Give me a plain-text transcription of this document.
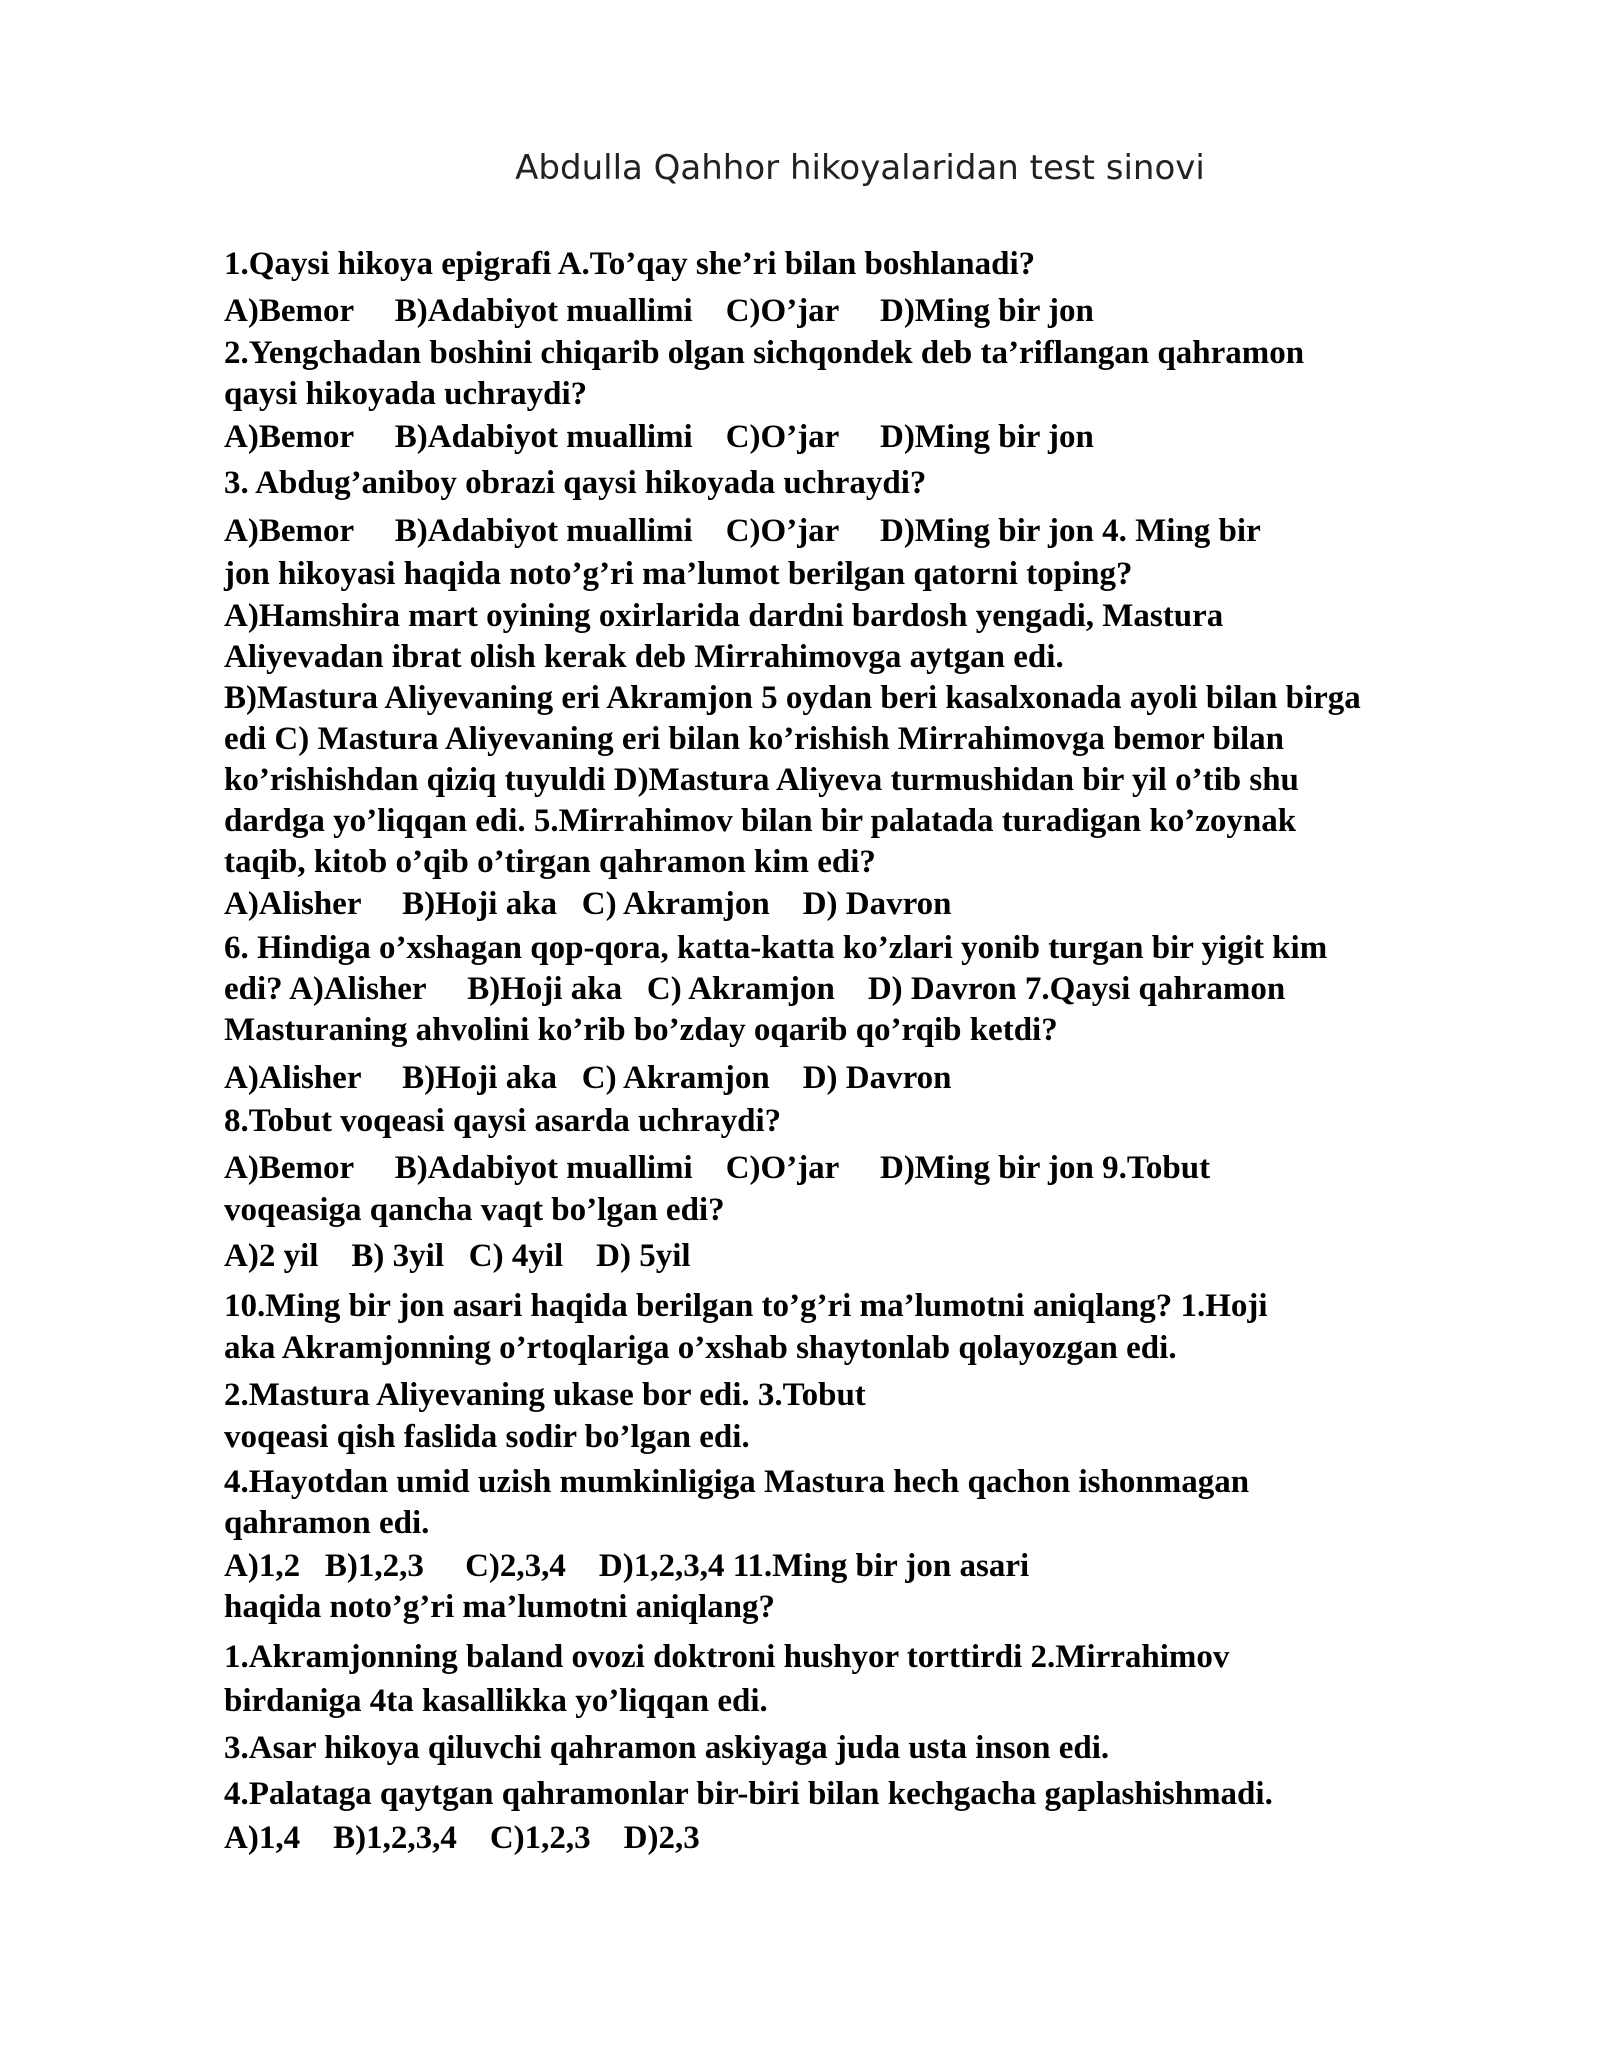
Abdulla Qahhor hikoyalaridan test sinovi
1.Qaysi hikoya epigrafi A.To’qay she’ri bilan boshlanadi?
A)Bemor     B)Adabiyot muallimi    C)O’jar     D)Ming bir jon
2.Yengchadan boshini chiqarib olgan sichqondek deb ta’riflangan qahramon
qaysi hikoyada uchraydi?
A)Bemor     B)Adabiyot muallimi    C)O’jar     D)Ming bir jon
3. Abdug’aniboy obrazi qaysi hikoyada uchraydi?
A)Bemor     B)Adabiyot muallimi    C)O’jar     D)Ming bir jon 4. Ming bir
jon hikoyasi haqida noto’g’ri ma’lumot berilgan qatorni toping?
A)Hamshira mart oyining oxirlarida dardni bardosh yengadi, Mastura
Aliyevadan ibrat olish kerak deb Mirrahimovga aytgan edi.
B)Mastura Aliyevaning eri Akramjon 5 oydan beri kasalxonada ayoli bilan birga
edi C) Mastura Aliyevaning eri bilan ko’rishish Mirrahimovga bemor bilan
ko’rishishdan qiziq tuyuldi D)Mastura Aliyeva turmushidan bir yil o’tib shu
dardga yo’liqqan edi. 5.Mirrahimov bilan bir palatada turadigan ko’zoynak
taqib, kitob o’qib o’tirgan qahramon kim edi?
A)Alisher     B)Hoji aka   C) Akramjon    D) Davron
6. Hindiga o’xshagan qop-qora, katta-katta ko’zlari yonib turgan bir yigit kim
edi? A)Alisher     B)Hoji aka   C) Akramjon    D) Davron 7.Qaysi qahramon
Masturaning ahvolini ko’rib bo’zday oqarib qo’rqib ketdi?
A)Alisher     B)Hoji aka   C) Akramjon    D) Davron
8.Tobut voqeasi qaysi asarda uchraydi?
A)Bemor     B)Adabiyot muallimi    C)O’jar     D)Ming bir jon 9.Tobut
voqeasiga qancha vaqt bo’lgan edi?
A)2 yil    B) 3yil   C) 4yil    D) 5yil
10.Ming bir jon asari haqida berilgan to’g’ri ma’lumotni aniqlang? 1.Hoji
aka Akramjonning o’rtoqlariga o’xshab shaytonlab qolayozgan edi.
2.Mastura Aliyevaning ukase bor edi. 3.Tobut
voqeasi qish faslida sodir bo’lgan edi.
4.Hayotdan umid uzish mumkinligiga Mastura hech qachon ishonmagan
qahramon edi.
A)1,2   B)1,2,3     C)2,3,4    D)1,2,3,4 11.Ming bir jon asari
haqida noto’g’ri ma’lumotni aniqlang?
1.Akramjonning baland ovozi doktroni hushyor torttirdi 2.Mirrahimov
birdaniga 4ta kasallikka yo’liqqan edi.
3.Asar hikoya qiluvchi qahramon askiyaga juda usta inson edi.
4.Palataga qaytgan qahramonlar bir-biri bilan kechgacha gaplashishmadi.
A)1,4    B)1,2,3,4    C)1,2,3    D)2,3
